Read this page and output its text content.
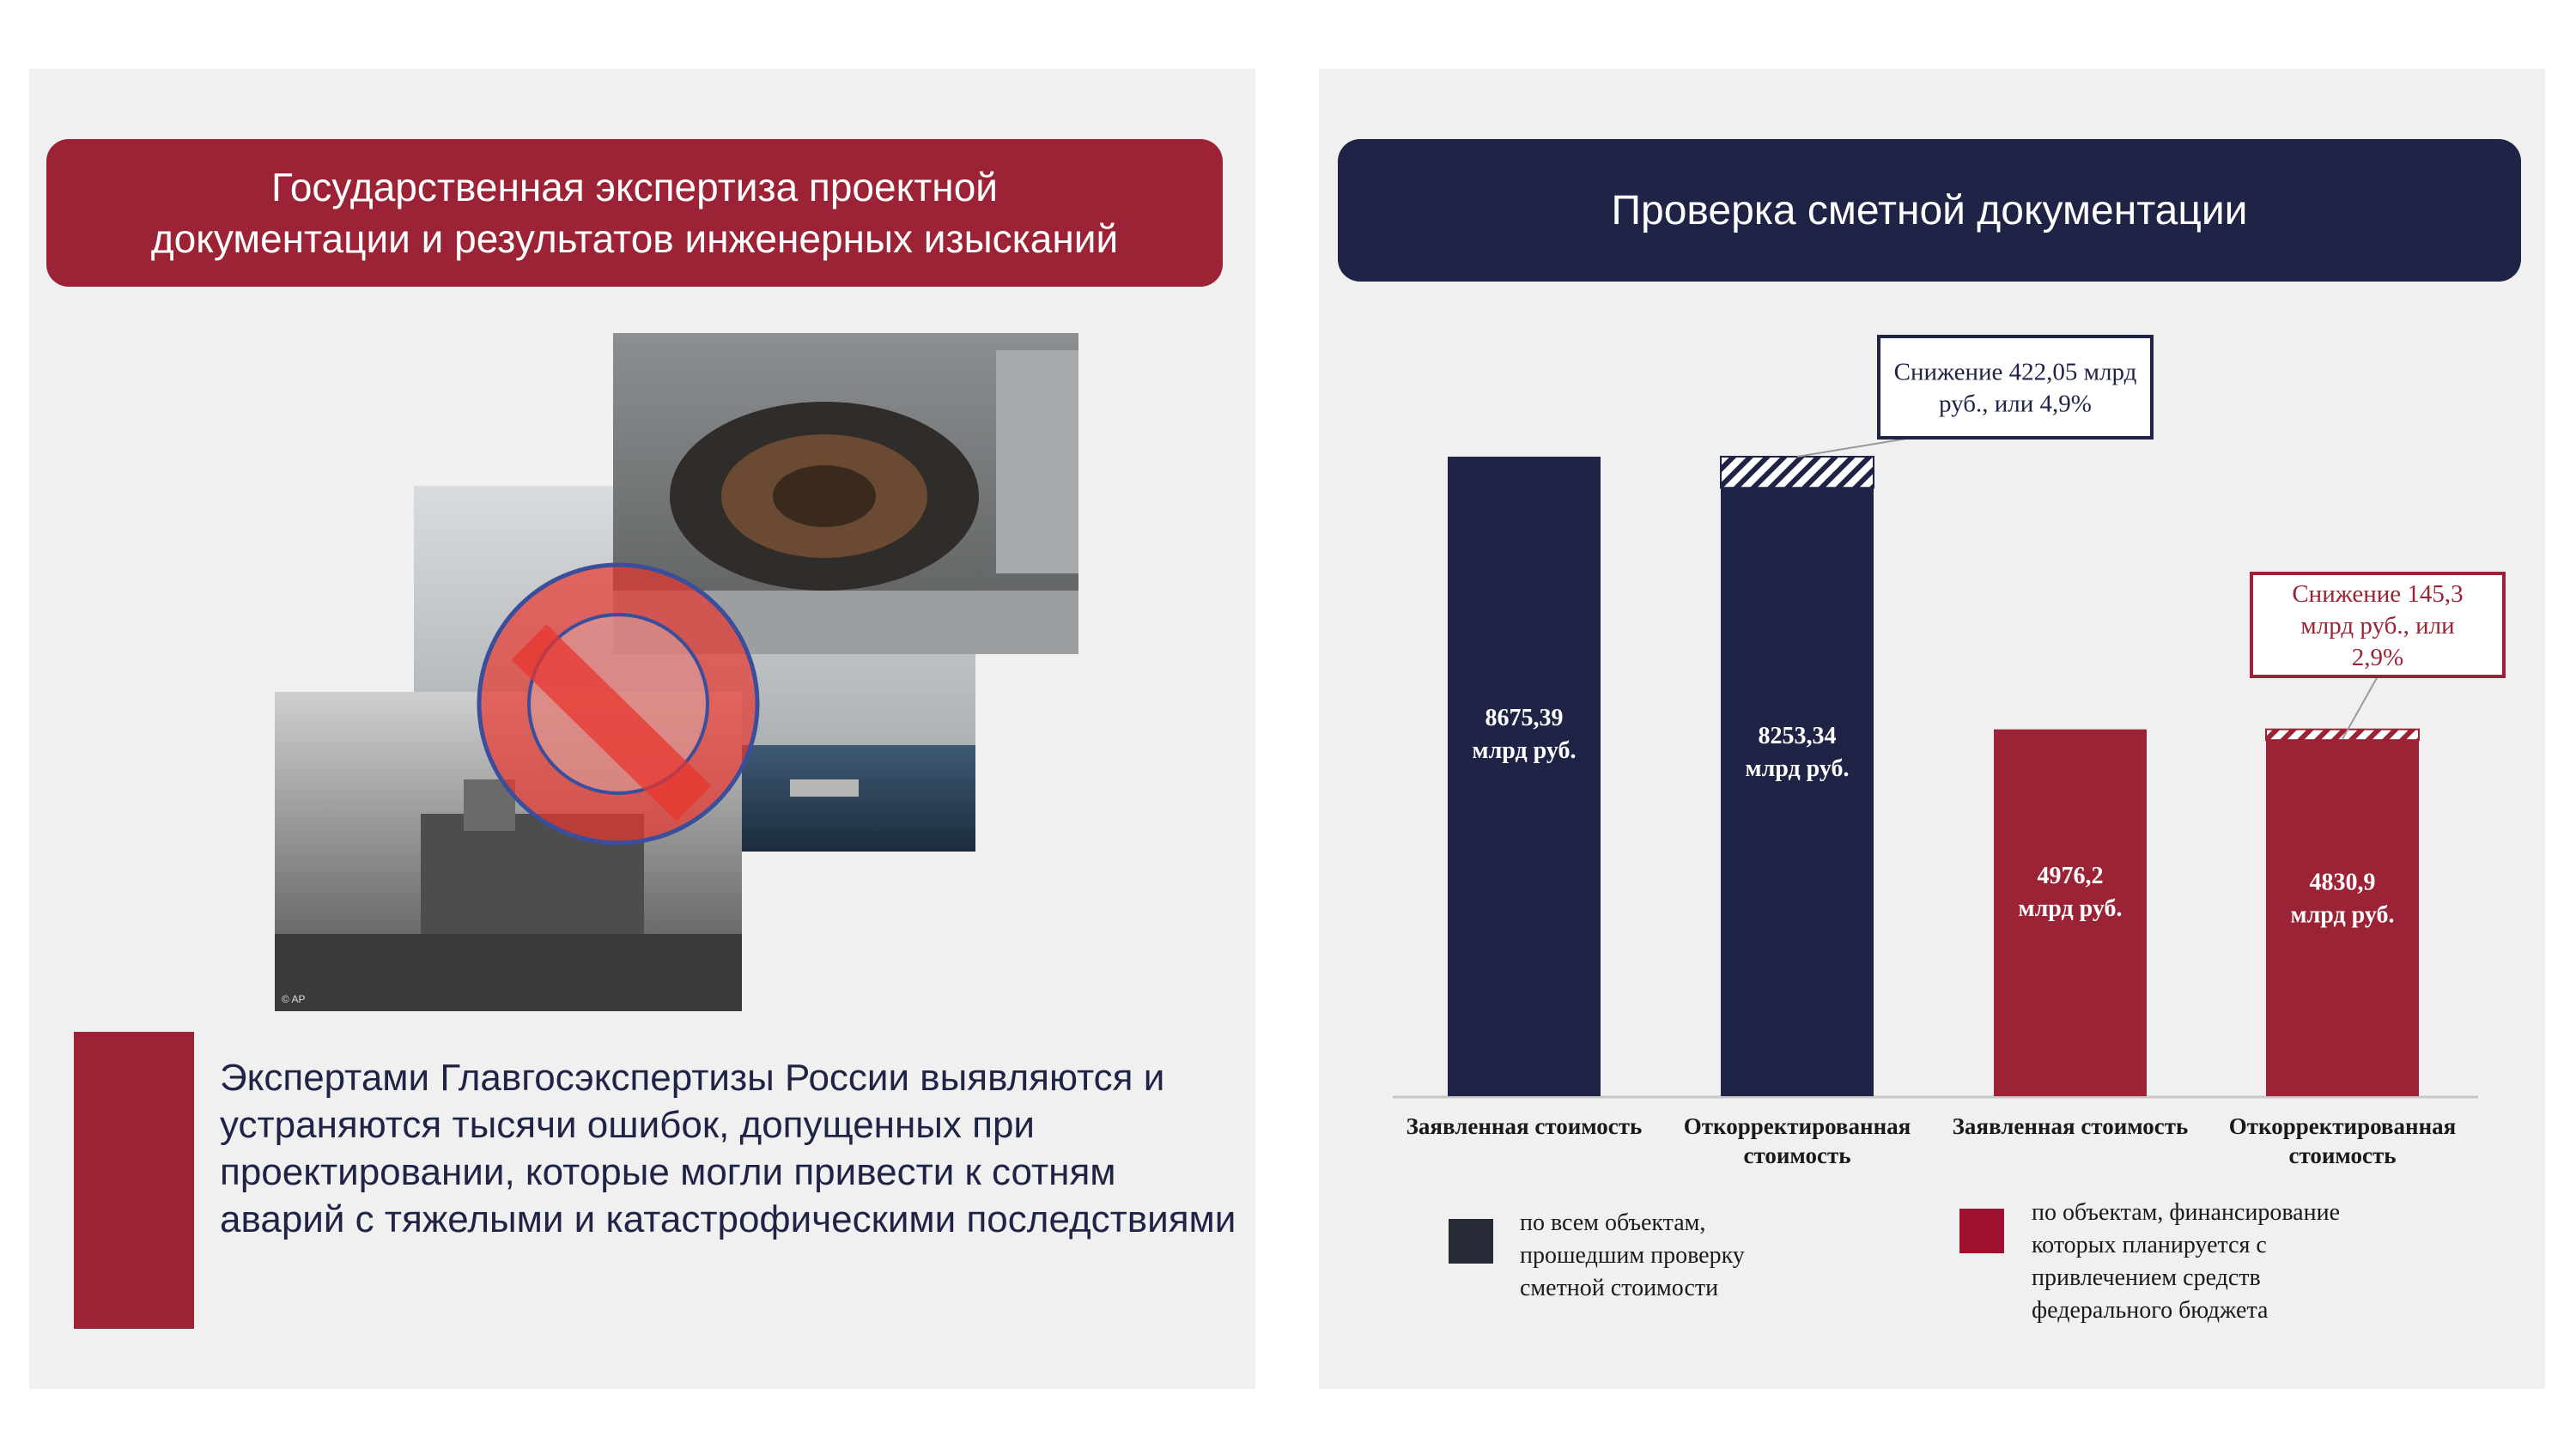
Государственная экспертиза проектной
документации и результатов инженерных изысканий
© AP
Экспертами Главгосэкспертизы России выявляются и устраняются тысячи ошибок, допущенных при проектировании, которые могли привести к сотням аварий с тяжелыми и катастрофическими последствиями
Проверка сметной документации
8675,39
млрд руб.
Заявленная стоимость
8253,34
млрд руб.
Откорректированная стоимость
4976,2
млрд руб.
Заявленная стоимость
4830,9
млрд руб.
Откорректированная стоимость
Снижение 422,05 млрд руб., или 4,9%
Снижение 145,3 млрд руб., или 2,9%
по всем объектам, прошедшим проверку сметной стоимости
по объектам, финансирование которых планируется с привлечением средств федерального бюджета
